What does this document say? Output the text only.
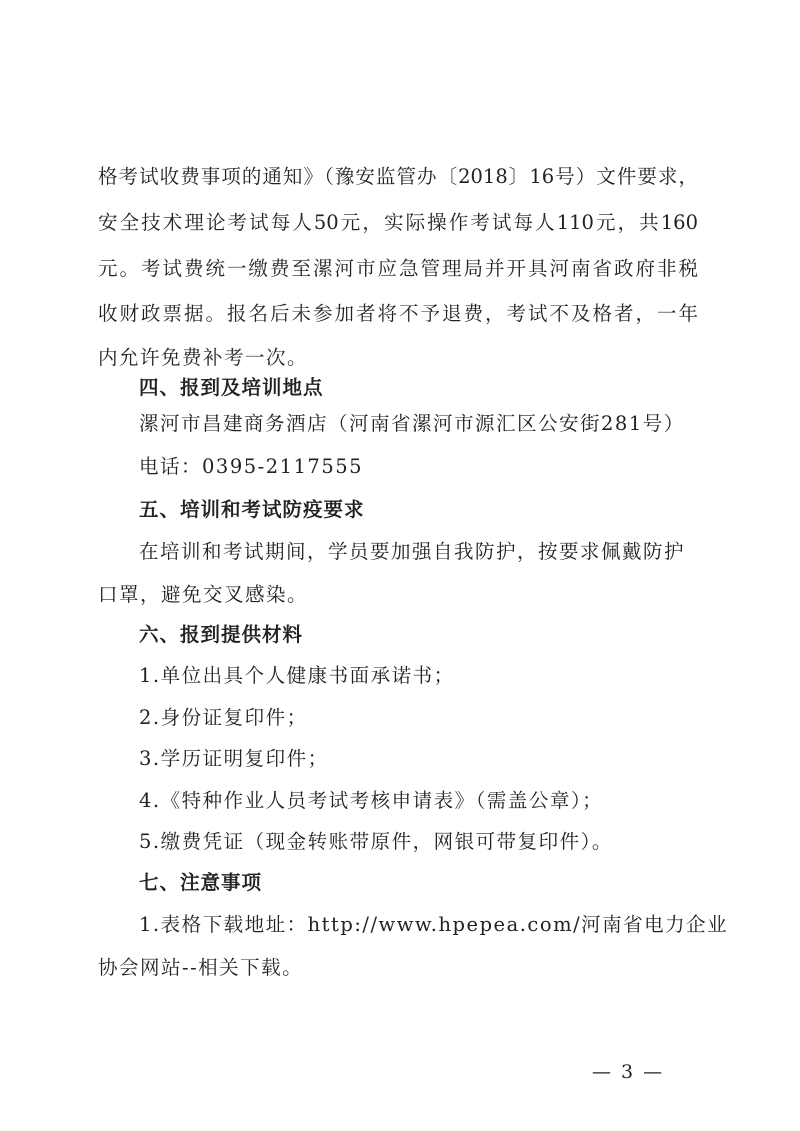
格考试收费事项的通知》（豫安监管办〔2018〕16号）文件要求，
安全技术理论考试每人50元，实际操作考试每人110元，共160
元。考试费统一缴费至漯河市应急管理局并开具河南省政府非税
收财政票据。报名后未参加者将不予退费，考试不及格者，一年
内允许免费补考一次。
四、报到及培训地点
漯河市昌建商务酒店（河南省漯河市源汇区公安街281号）
电话：0395-2117555
五、培训和考试防疫要求
在培训和考试期间，学员要加强自我防护，按要求佩戴防护
口罩，避免交叉感染。
六、报到提供材料
1.单位出具个人健康书面承诺书；
2.身份证复印件；
3.学历证明复印件；
4.《特种作业人员考试考核申请表》（需盖公章）；
5.缴费凭证（现金转账带原件，网银可带复印件）。
七、注意事项
1.表格下载地址：http://www.hpepea.com/河南省电力企业
协会网站--相关下载。
— 3 —
